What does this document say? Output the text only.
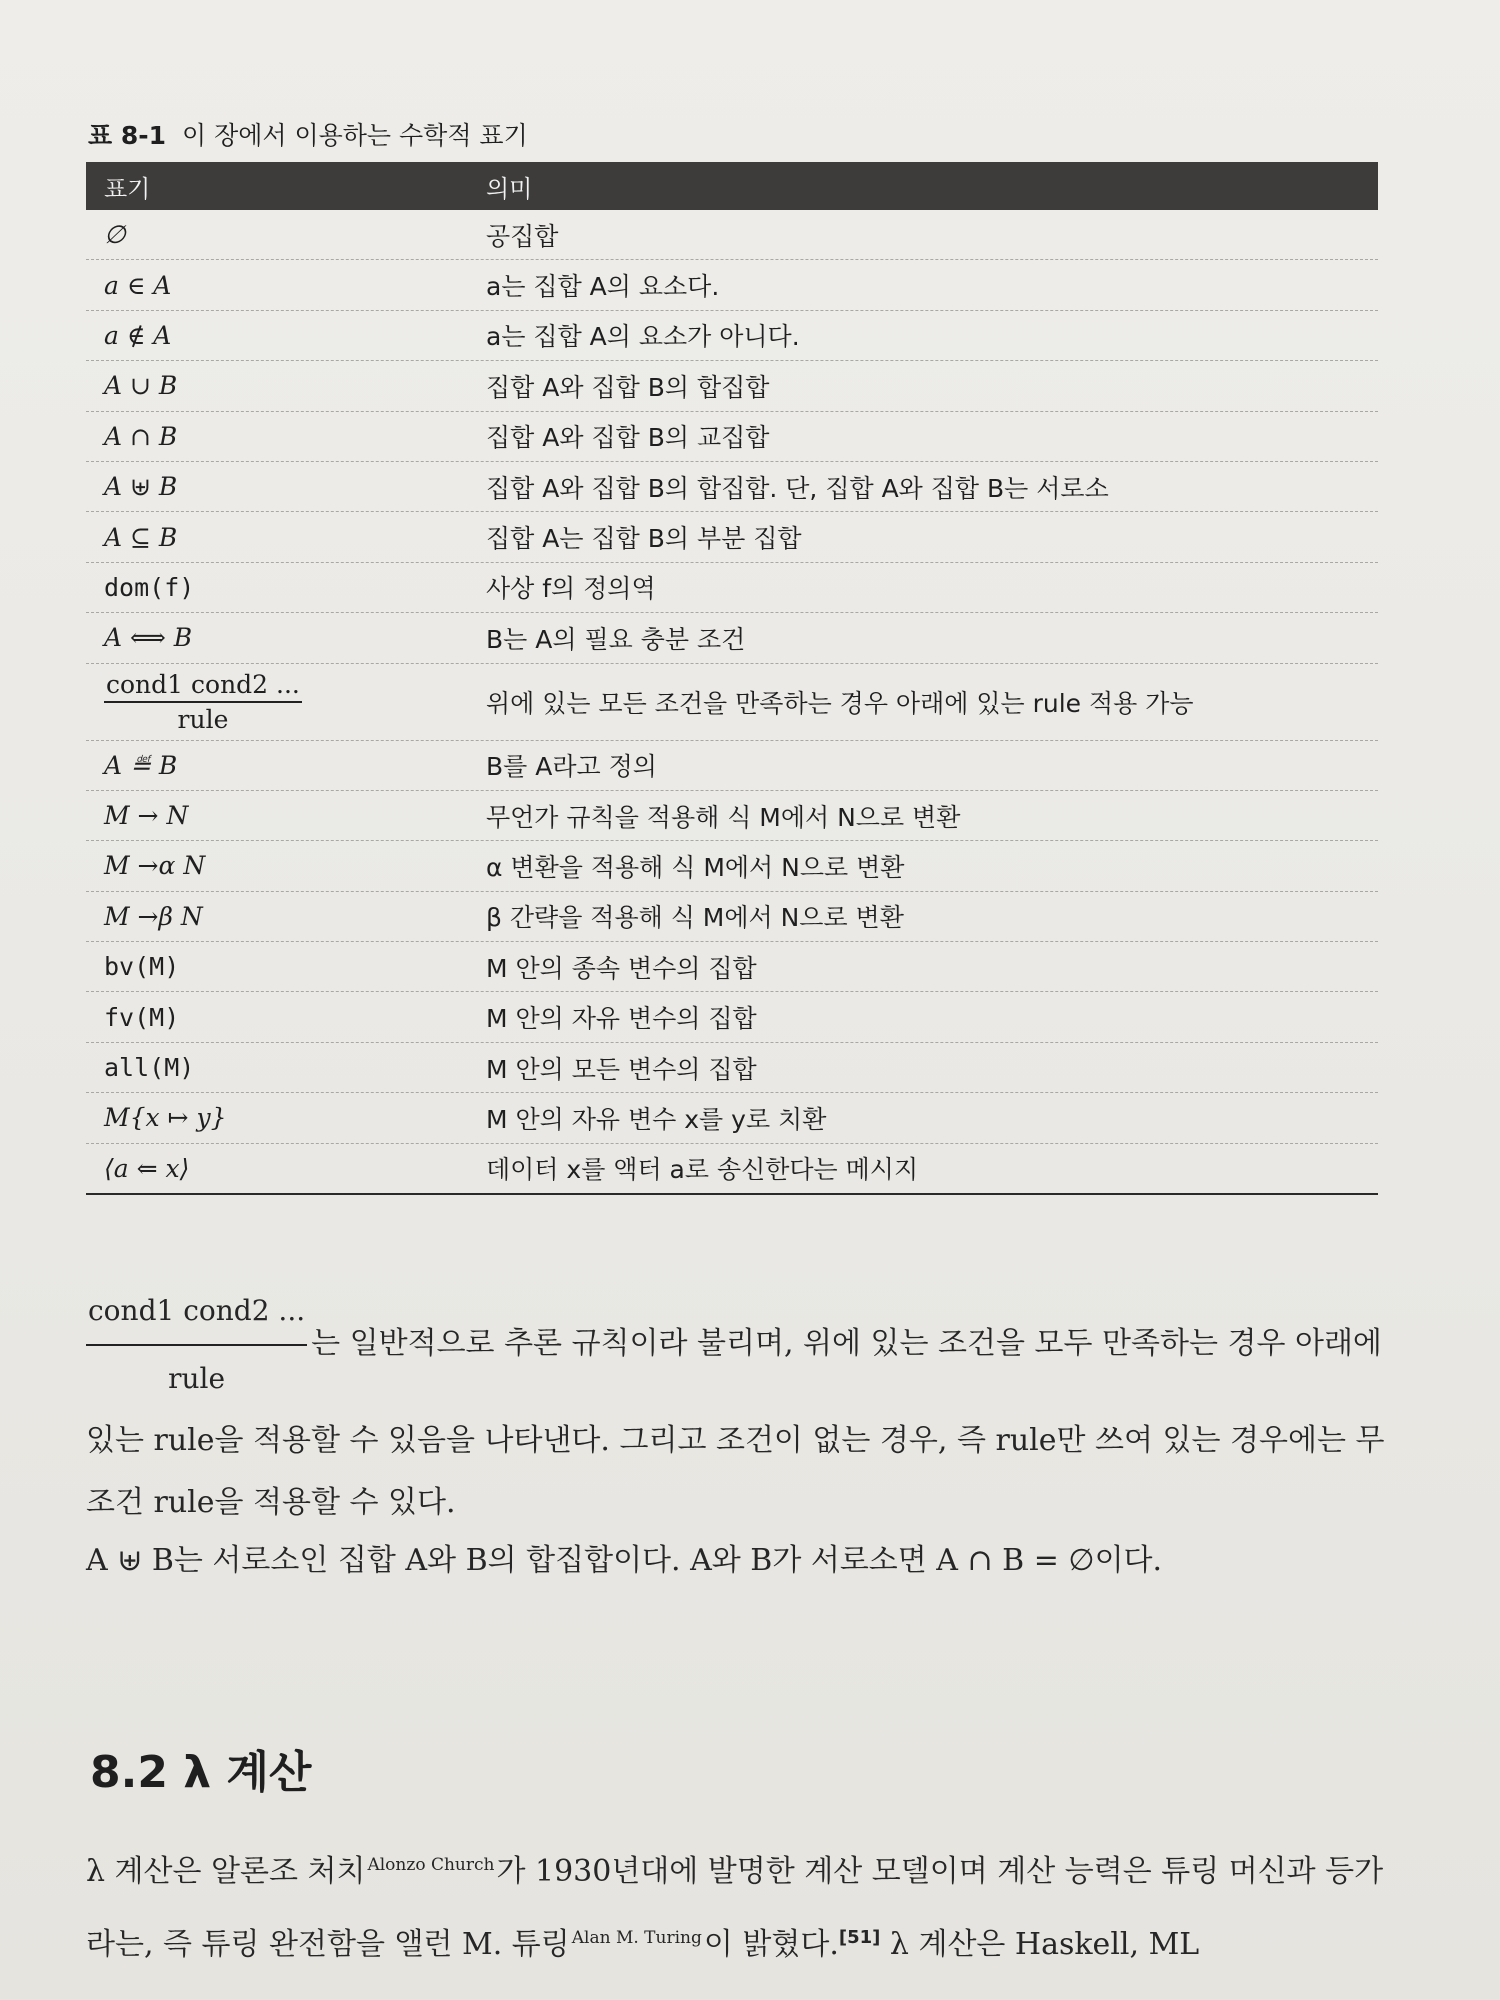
표 8-1 이 장에서 이용하는 수학적 표기
표기	의미
∅	공집합
a ∈ A	a는 집합 A의 요소다.
a ∉ A	a는 집합 A의 요소가 아니다.
A ∪ B	집합 A와 집합 B의 합집합
A ∩ B	집합 A와 집합 B의 교집합
A ⊎ B	집합 A와 집합 B의 합집합. 단, 집합 A와 집합 B는 서로소
A ⊆ B	집합 A는 집합 B의 부분 집합
dom(f)	사상 f의 정의역
A ⟺ B	B는 A의 필요 충분 조건
$\frac{\text{cond1 cond2 ...}}{\text{rule}}$	위에 있는 모든 조건을 만족하는 경우 아래에 있는 rule 적용 가능
A ≝ B	B를 A라고 정의
M → N	무언가 규칙을 적용해 식 M에서 N으로 변환
M →α N	α 변환을 적용해 식 M에서 N으로 변환
M →β N	β 간략을 적용해 식 M에서 N으로 변환
bv(M)	M 안의 종속 변수의 집합
fv(M)	M 안의 자유 변수의 집합
all(M)	M 안의 모든 변수의 집합
M{x ↦ y}	M 안의 자유 변수 x를 y로 치환
⟨a ⇐ x⟩	데이터 x를 액터 a로 송신한다는 메시지
$\frac{\text{cond1 cond2 ...}}{\text{rule}}$ 는 일반적으로 추론 규칙이라 불리며, 위에 있는 조건을 모두 만족하는 경우 아래에 있는 rule을 적용할 수 있음을 나타낸다. 그리고 조건이 없는 경우, 즉 rule만 쓰여 있는 경우에는 무조건 rule을 적용할 수 있다.
A ⊎ B는 서로소인 집합 A와 B의 합집합이다. A와 B가 서로소면 A ∩ B = ∅이다.
8.2 λ 계산
λ 계산은 알론조 처치 $^{Alonzo Church}$가 1930년대에 발명한 계산 모델이며 계산 능력은 튜링 머신과 등가라는, 즉 튜링 완전함을 앨런 M. 튜링 $^{Alan M. Turing}$이 밝혔다.[51] λ 계산은 Haskell, ML
